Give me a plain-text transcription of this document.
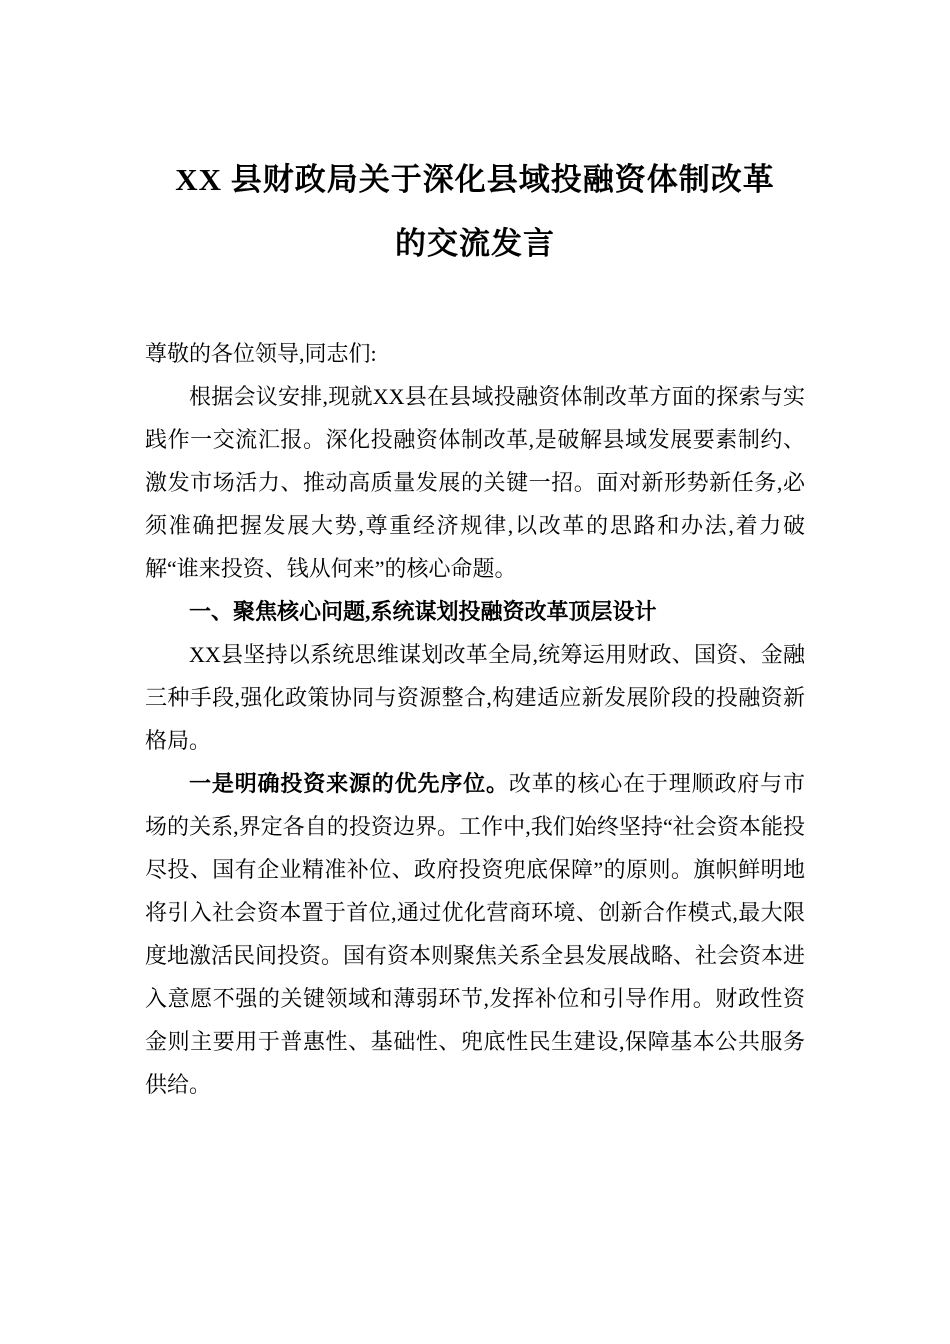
XX 县财政局关于深化县域投融资体制改革
的交流发言

尊敬的各位领导,同志们:

根据会议安排,现就XX县在县域投融资体制改革方面的探索与实践作一交流汇报。深化投融资体制改革,是破解县域发展要素制约、激发市场活力、推动高质量发展的关键一招。面对新形势新任务,必须准确把握发展大势,尊重经济规律,以改革的思路和办法,着力破解“谁来投资、钱从何来”的核心命题。

一、聚焦核心问题,系统谋划投融资改革顶层设计

XX县坚持以系统思维谋划改革全局,统筹运用财政、国资、金融三种手段,强化政策协同与资源整合,构建适应新发展阶段的投融资新格局。

一是明确投资来源的优先序位。改革的核心在于理顺政府与市场的关系,界定各自的投资边界。工作中,我们始终坚持“社会资本能投尽投、国有企业精准补位、政府投资兜底保障”的原则。旗帜鲜明地将引入社会资本置于首位,通过优化营商环境、创新合作模式,最大限度地激活民间投资。国有资本则聚焦关系全县发展战略、社会资本进入意愿不强的关键领域和薄弱环节,发挥补位和引导作用。财政性资金则主要用于普惠性、基础性、兜底性民生建设,保障基本公共服务供给。
